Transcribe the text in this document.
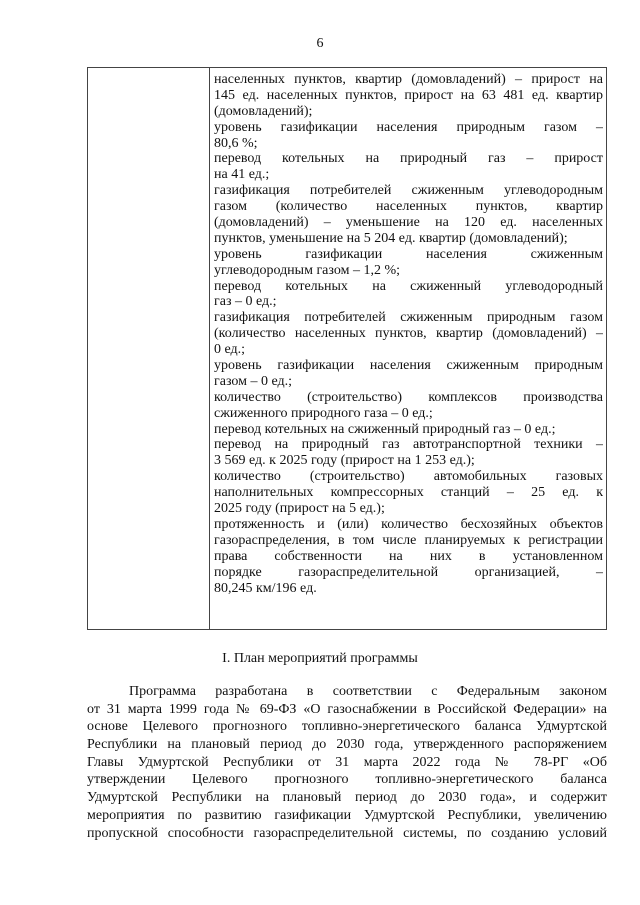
6
населенных пунктов, квартир (домовладений) – прирост на
145 ед. населенных пунктов, прирост на 63 481 ед. квартир
(домовладений);
уровень газификации населения природным газом –
80,6 %;
перевод котельных на природный газ – прирост
на 41 ед.;
газификация потребителей сжиженным углеводородным
газом (количество населенных пунктов, квартир
(домовладений) – уменьшение на 120 ед. населенных
пунктов, уменьшение на 5 204 ед. квартир (домовладений);
уровень газификации населения сжиженным
углеводородным газом – 1,2 %;
перевод котельных на сжиженный углеводородный
газ – 0 ед.;
газификация потребителей сжиженным природным газом
(количество населенных пунктов, квартир (домовладений) –
0 ед.;
уровень газификации населения сжиженным природным
газом – 0 ед.;
количество (строительство) комплексов производства
сжиженного природного газа – 0 ед.;
перевод котельных на сжиженный природный газ – 0 ед.;
перевод на природный газ автотранспортной техники –
3 569 ед. к 2025 году (прирост на 1 253 ед.);
количество (строительство) автомобильных газовых
наполнительных компрессорных станций – 25 ед. к
2025 году (прирост на 5 ед.);
протяженность и (или) количество бесхозяйных объектов
газораспределения, в том числе планируемых к регистрации
права собственности на них в установленном
порядке газораспределительной организацией, –
80,245 км/196 ед.
I. План мероприятий программы
Программа разработана в соответствии с Федеральным законом
от 31 марта 1999 года № 69-ФЗ «О газоснабжении в Российской Федерации» на
основе Целевого прогнозного топливно-энергетического баланса Удмуртской
Республики на плановый период до 2030 года, утвержденного распоряжением
Главы Удмуртской Республики от 31 марта 2022 года № 78-РГ «Об
утверждении Целевого прогнозного топливно-энергетического баланса
Удмуртской Республики на плановый период до 2030 года», и содержит
мероприятия по развитию газификации Удмуртской Республики, увеличению
пропускной способности газораспределительной системы, по созданию условий
